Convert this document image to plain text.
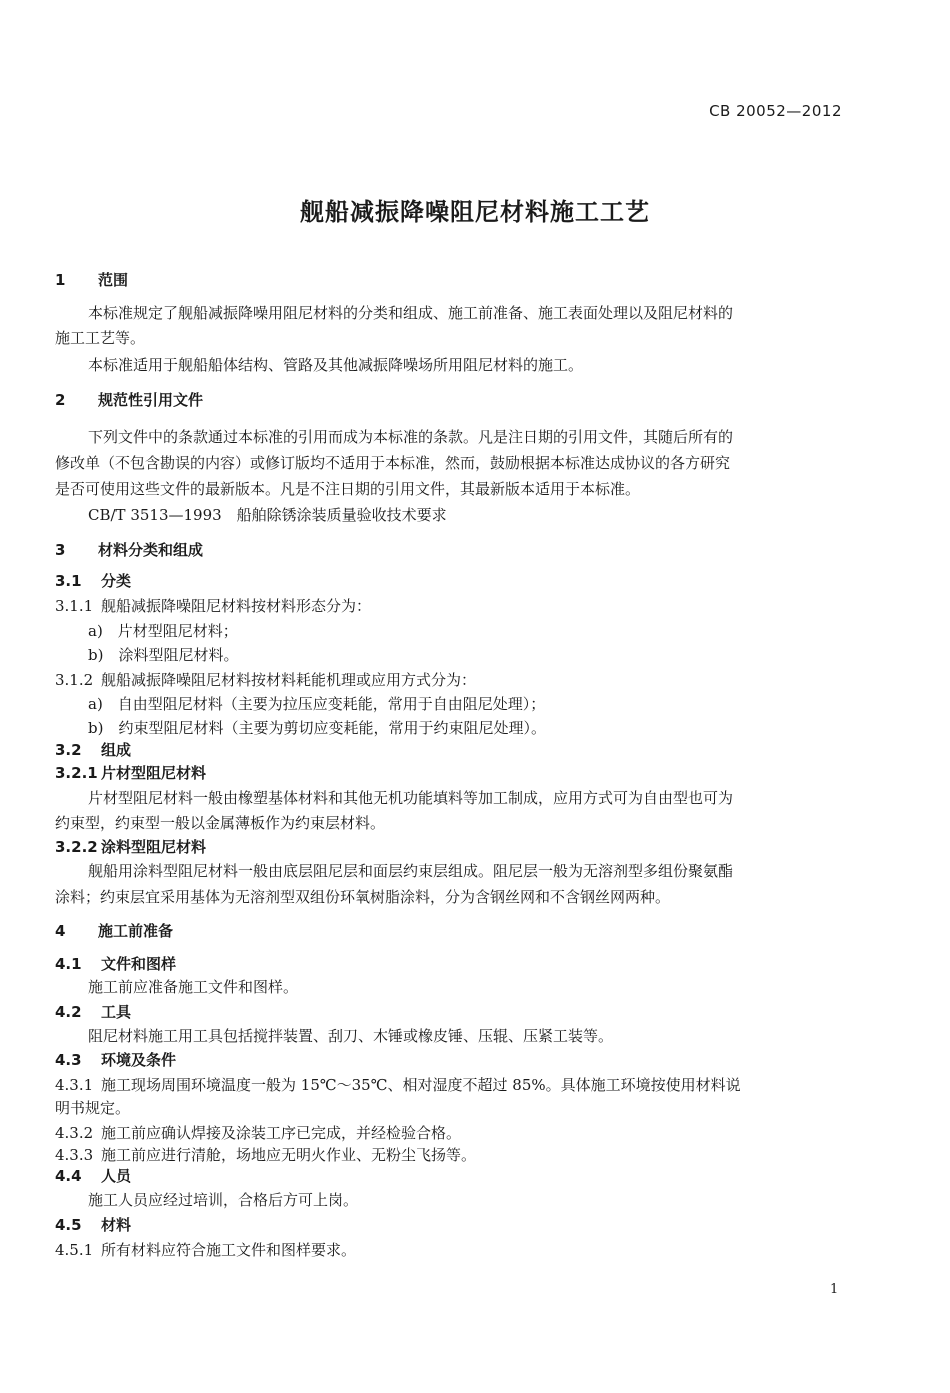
CB 20052—2012
舰船减振降噪阻尼材料施工工艺
1　 范围
本标准规定了舰船减振降噪用阻尼材料的分类和组成、施工前准备、施工表面处理以及阻尼材料的
施工工艺等。
本标准适用于舰船船体结构、管路及其他减振降噪场所用阻尼材料的施工。
2　 规范性引用文件
下列文件中的条款通过本标准的引用而成为本标准的条款。凡是注日期的引用文件，其随后所有的
修改单（不包含勘误的内容）或修订版均不适用于本标准，然而，鼓励根据本标准达成协议的各方研究
是否可使用这些文件的最新版本。凡是不注日期的引用文件，其最新版本适用于本标准。
CB/T 3513—1993　船舶除锈涂装质量验收技术要求
3　 材料分类和组成
3.1 分类
3.1.1 舰船减振降噪阻尼材料按材料形态分为：
a)　片材型阻尼材料；
b)　涂料型阻尼材料。
3.1.2 舰船减振降噪阻尼材料按材料耗能机理或应用方式分为：
a)　自由型阻尼材料（主要为拉压应变耗能，常用于自由阻尼处理）；
b)　约束型阻尼材料（主要为剪切应变耗能，常用于约束阻尼处理）。
3.2 组成
3.2.1 片材型阻尼材料
片材型阻尼材料一般由橡塑基体材料和其他无机功能填料等加工制成，应用方式可为自由型也可为
约束型，约束型一般以金属薄板作为约束层材料。
3.2.2 涂料型阻尼材料
舰船用涂料型阻尼材料一般由底层阻尼层和面层约束层组成。阻尼层一般为无溶剂型多组份聚氨酯
涂料；约束层宜采用基体为无溶剂型双组份环氧树脂涂料，分为含钢丝网和不含钢丝网两种。
4　 施工前准备
4.1 文件和图样
施工前应准备施工文件和图样。
4.2 工具
阻尼材料施工用工具包括搅拌装置、刮刀、木锤或橡皮锤、压辊、压紧工装等。
4.3 环境及条件
4.3.1 施工现场周围环境温度一般为 15℃～35℃、相对湿度不超过 85%。具体施工环境按使用材料说
明书规定。
4.3.2 施工前应确认焊接及涂装工序已完成，并经检验合格。
4.3.3 施工前应进行清舱，场地应无明火作业、无粉尘飞扬等。
4.4 人员
施工人员应经过培训，合格后方可上岗。
4.5 材料
4.5.1 所有材料应符合施工文件和图样要求。
1
